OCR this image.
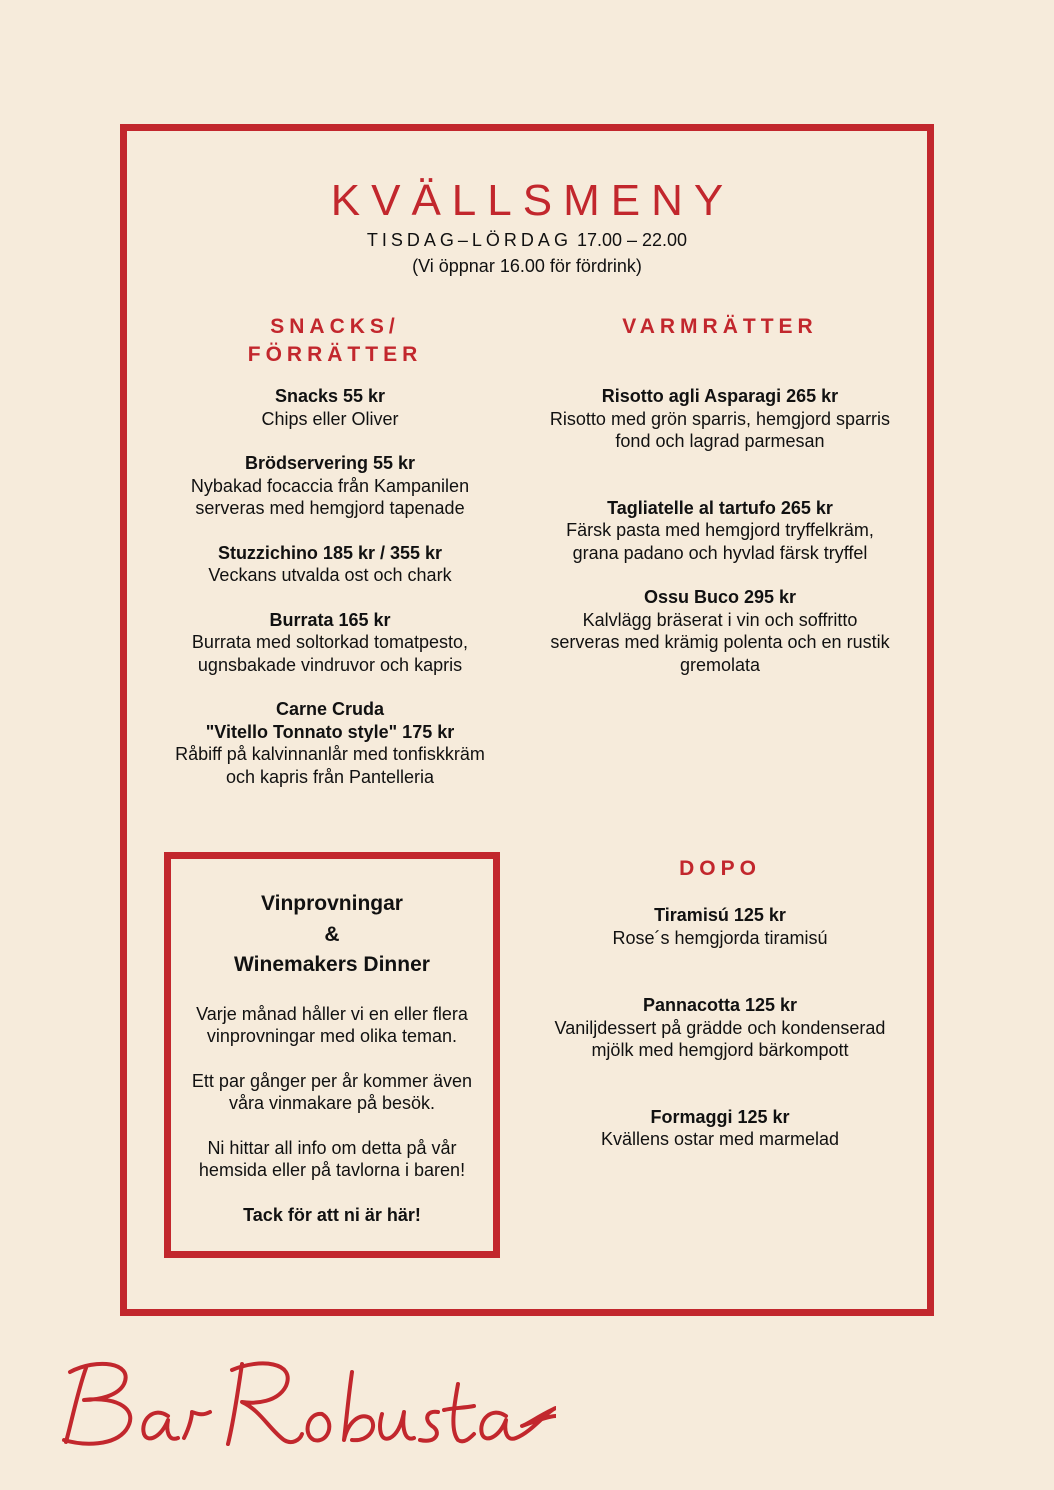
KVÄLLSMENY
TISDAG–LÖRDAG 17.00 – 22.00
(Vi öppnar 16.00 för fördrink)
SNACKS/
FÖRRÄTTER
Snacks 55 kr
Chips eller Oliver
Brödservering 55 kr
Nybakad focaccia från Kampanilen
serveras med hemgjord tapenade
Stuzzichino 185 kr / 355 kr
Veckans utvalda ost och chark
Burrata 165 kr
Burrata med soltorkad tomatpesto,
ugnsbakade vindruvor och kapris
Carne Cruda
"Vitello Tonnato style" 175 kr
Råbiff på kalvinnanlår med tonfiskkräm
och kapris från Pantelleria
VARMRÄTTER
Risotto agli Asparagi 265 kr
Risotto med grön sparris, hemgjord sparris
fond och lagrad parmesan
Tagliatelle al tartufo 265 kr
Färsk pasta med hemgjord tryffelkräm,
grana padano och hyvlad färsk tryffel
Ossu Buco 295 kr
Kalvlägg bräserat i vin och soffritto
serveras med krämig polenta och en rustik
gremolata
DOPO
Tiramisú 125 kr
Rose´s hemgjorda tiramisú
Pannacotta 125 kr
Vaniljdessert på grädde och kondenserad
mjölk med hemgjord bärkompott
Formaggi 125 kr
Kvällens ostar med marmelad
Vinprovningar
&
Winemakers Dinner
Varje månad håller vi en eller flera
vinprovningar med olika teman.
Ett par gånger per år kommer även
våra vinmakare på besök.
Ni hittar all info om detta på vår
hemsida eller på tavlorna i baren!
Tack för att ni är här!
